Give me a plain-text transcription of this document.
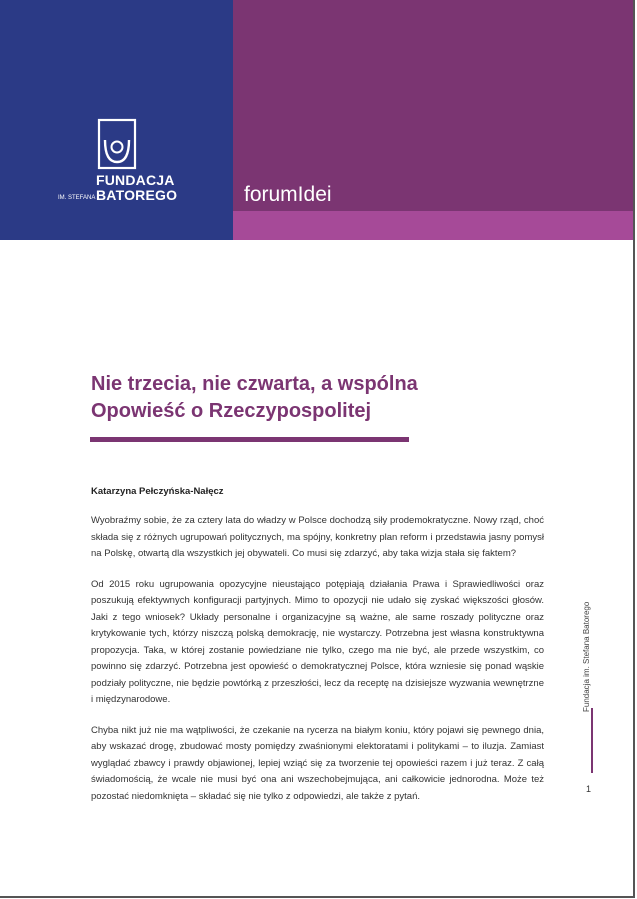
FUNDACJA
IM. STEFANA BATOREGO	forumIdei
Nie trzecia, nie czwarta, a wspólna
Opowieść o Rzeczypospolitej
Katarzyna Pełczyńska-Nałęcz

Wyobraźmy sobie, że za cztery lata do władzy w Polsce dochodzą siły prodemokratyczne. Nowy rząd, choć składa się z różnych ugrupowań politycznych, ma spójny, konkretny plan reform i przedstawia jasny pomysł na Polskę, otwartą dla wszystkich jej obywateli. Co musi się zdarzyć, aby taka wizja stała się faktem?

Od 2015 roku ugrupowania opozycyjne nieustająco potępiają działania Prawa i Sprawiedliwości oraz poszukują efektywnych konfiguracji partyjnych. Mimo to opozycji nie udało się zyskać większości głosów. Jaki z tego wniosek? Układy personalne i organizacyjne są ważne, ale same roszady polityczne oraz krytykowanie tych, którzy niszczą polską demokrację, nie wystarczy. Potrzebna jest własna konstruktywna propozycja. Taka, w której zostanie powiedziane nie tylko, czego ma nie być, ale przede wszystkim, co powinno się zdarzyć. Potrzebna jest opowieść o demokratycznej Polsce, która wzniesie się ponad wąskie podziały polityczne, nie będzie powtórką z przeszłości, lecz da receptę na dzisiejsze wyzwania wewnętrzne i międzynarodowe.

Chyba nikt już nie ma wątpliwości, że czekanie na rycerza na białym koniu, który pojawi się pewnego dnia, aby wskazać drogę, zbudować mosty pomiędzy zwaśnionymi elektoratami i politykami – to iluzja. Zamiast wyglądać zbawcy i prawdy objawionej, lepiej wziąć się za tworzenie tej opowieści razem i już teraz. Z całą świadomością, że wcale nie musi być ona ani wszechobejmująca, ani całkowicie jednorodna. Może też pozostać niedomknięta – składać się nie tylko z odpowiedzi, ale także z pytań.

Fundacja im. Stefana Batorego
1
